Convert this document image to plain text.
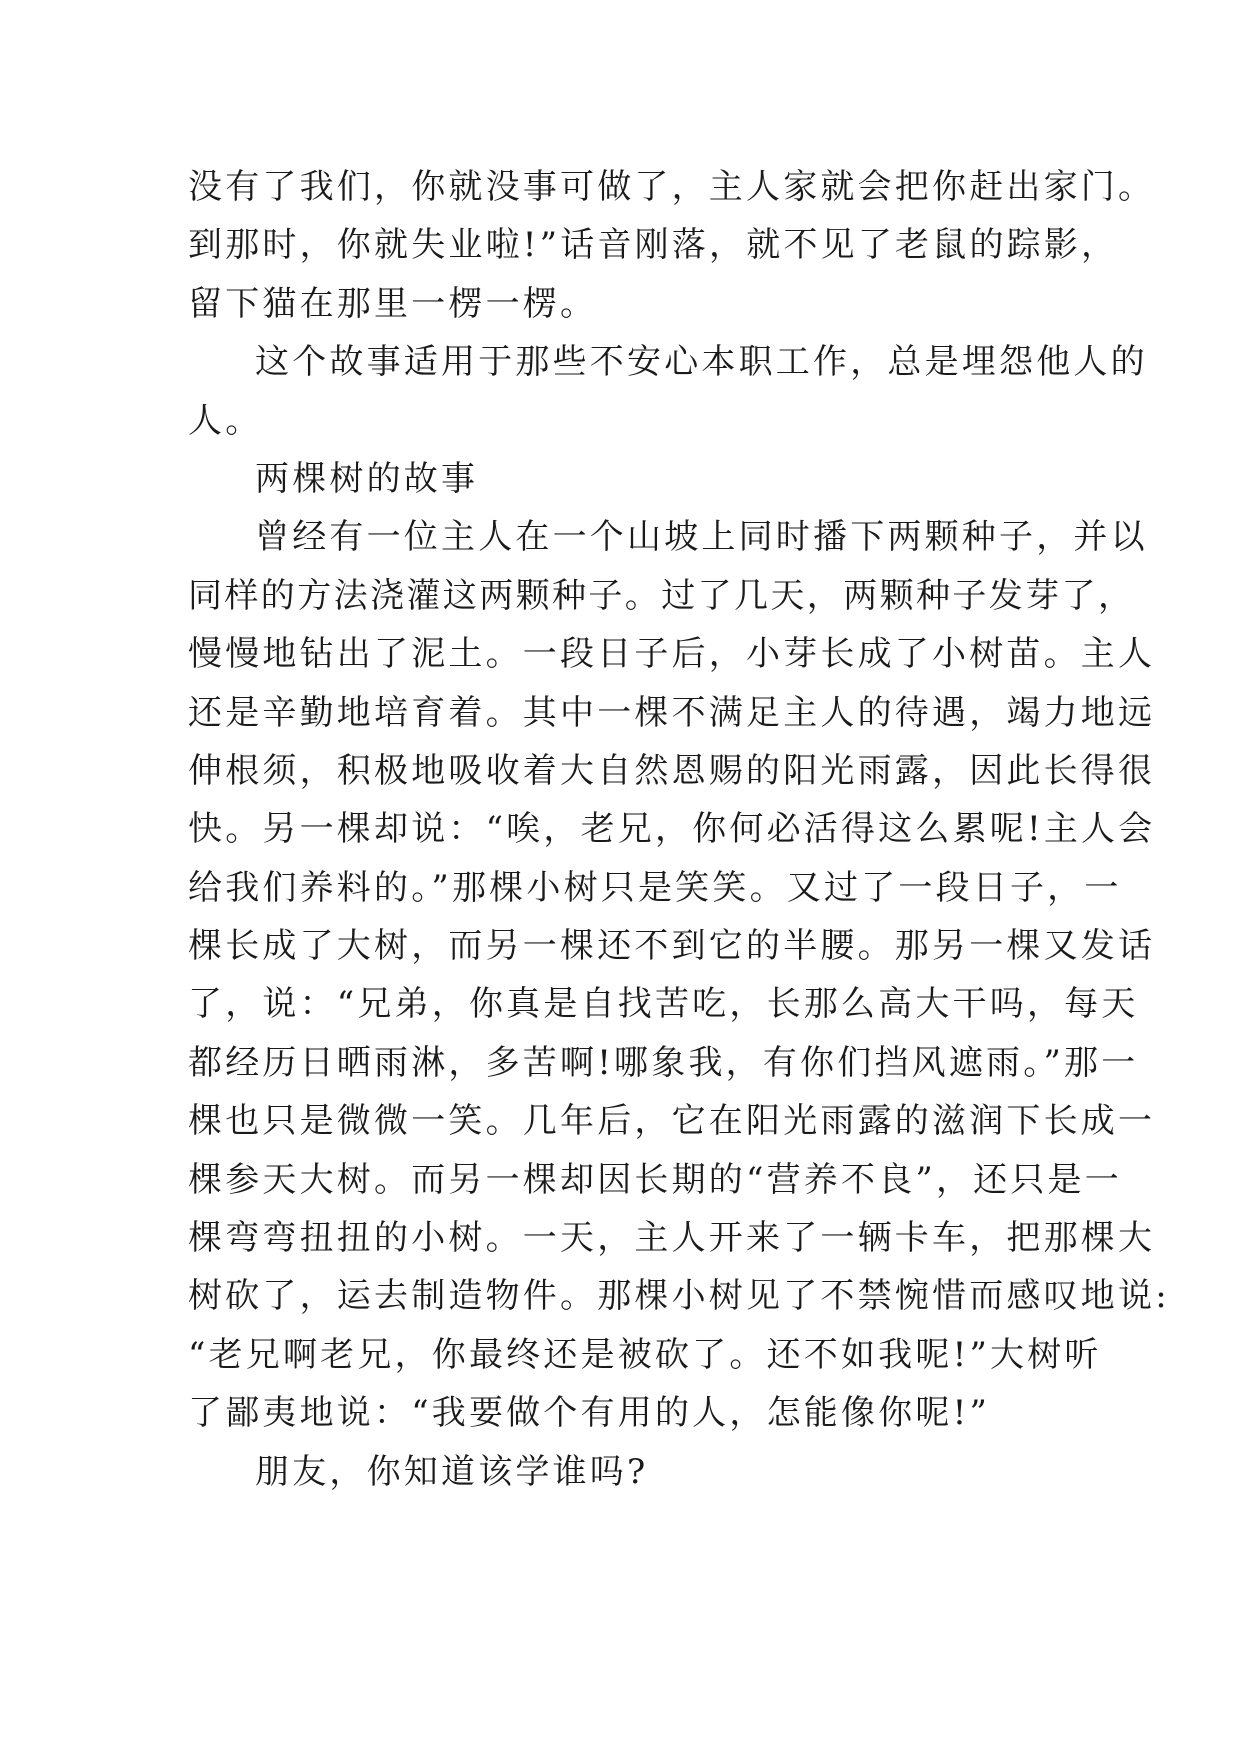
没有了我们，你就没事可做了，主人家就会把你赶出家门。
到那时，你就失业啦!”话音刚落，就不见了老鼠的踪影，
留下猫在那里一楞一楞。
这个故事适用于那些不安心本职工作，总是埋怨他人的
人。
两棵树的故事
曾经有一位主人在一个山坡上同时播下两颗种子，并以
同样的方法浇灌这两颗种子。过了几天，两颗种子发芽了，
慢慢地钻出了泥土。一段日子后，小芽长成了小树苗。主人
还是辛勤地培育着。其中一棵不满足主人的待遇，竭力地远
伸根须，积极地吸收着大自然恩赐的阳光雨露，因此长得很
快。另一棵却说：“唉，老兄，你何必活得这么累呢!主人会
给我们养料的。”那棵小树只是笑笑。又过了一段日子，一
棵长成了大树，而另一棵还不到它的半腰。那另一棵又发话
了，说：“兄弟，你真是自找苦吃，长那么高大干吗，每天
都经历日晒雨淋，多苦啊!哪象我，有你们挡风遮雨。”那一
棵也只是微微一笑。几年后，它在阳光雨露的滋润下长成一
棵参天大树。而另一棵却因长期的“营养不良”，还只是一
棵弯弯扭扭的小树。一天，主人开来了一辆卡车，把那棵大
树砍了，运去制造物件。那棵小树见了不禁惋惜而感叹地说:
“老兄啊老兄，你最终还是被砍了。还不如我呢!”大树听
了鄙夷地说：“我要做个有用的人，怎能像你呢!”
朋友，你知道该学谁吗?
